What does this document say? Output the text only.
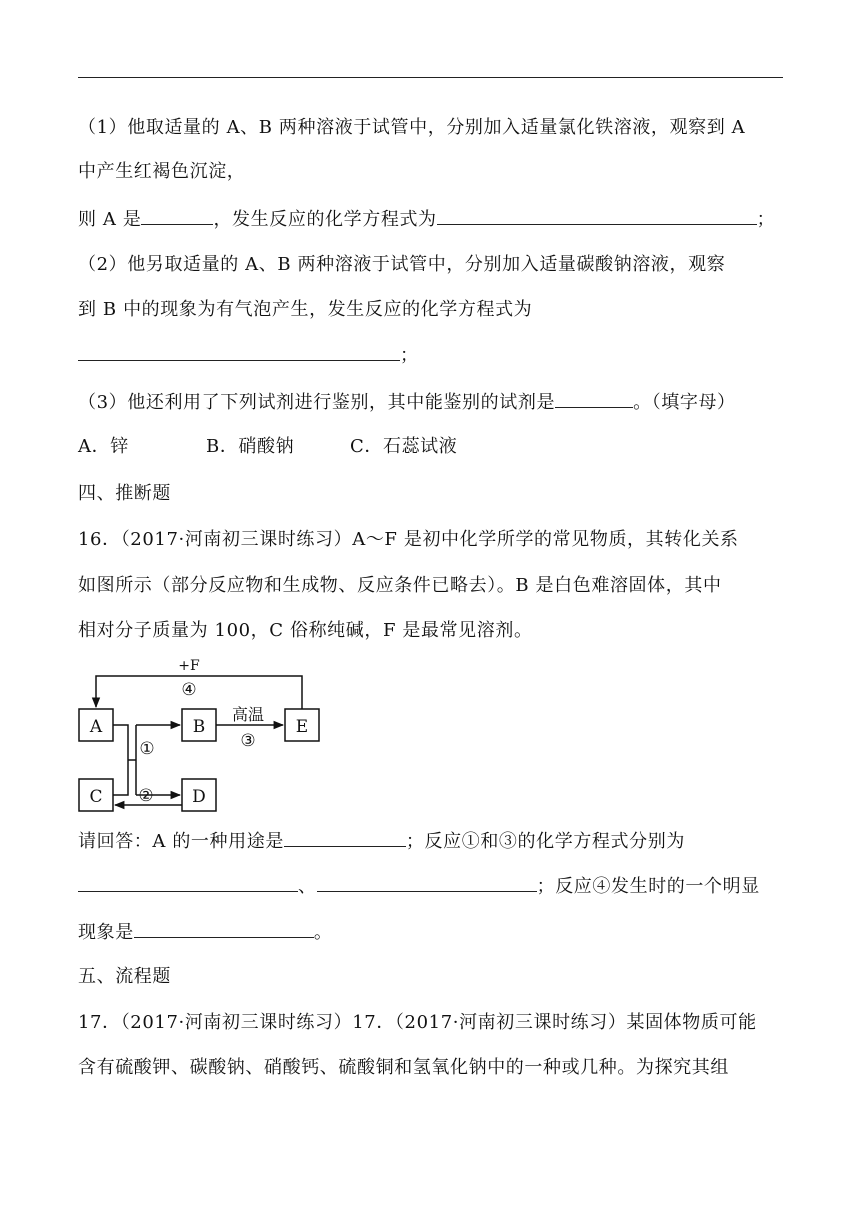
（1）他取适量的 A、B 两种溶液于试管中，分别加入适量氯化铁溶液，观察到 A
中产生红褐色沉淀，
则 A 是	，发生反应的化学方程式为	；
（2）他另取适量的 A、B 两种溶液于试管中，分别加入适量碳酸钠溶液，观察
到 B 中的现象为有气泡产生，发生反应的化学方程式为
；
（3）他还利用了下列试剂进行鉴别，其中能鉴别的试剂是	。（填字母）
A．锌	B．硝酸钠	C．石蕊试液
四、推断题
16．（2017·河南初三课时练习）A～F 是初中化学所学的常见物质，其转化关系
如图所示（部分反应物和生成物、反应条件已略去）。B 是白色难溶固体，其中
相对分子质量为 100，C 俗称纯碱，F 是最常见溶剂。
A	B
C	D
E
+F
④
高温
③
①
②
请回答：A 的一种用途是	；反应①和③的化学方程式分别为
、	；反应④发生时的一个明显
现象是	。
五、流程题
17．（2017·河南初三课时练习）17．（2017·河南初三课时练习）某固体物质可能
含有硫酸钾、碳酸钠、硝酸钙、硫酸铜和氢氧化钠中的一种或几种。为探究其组
